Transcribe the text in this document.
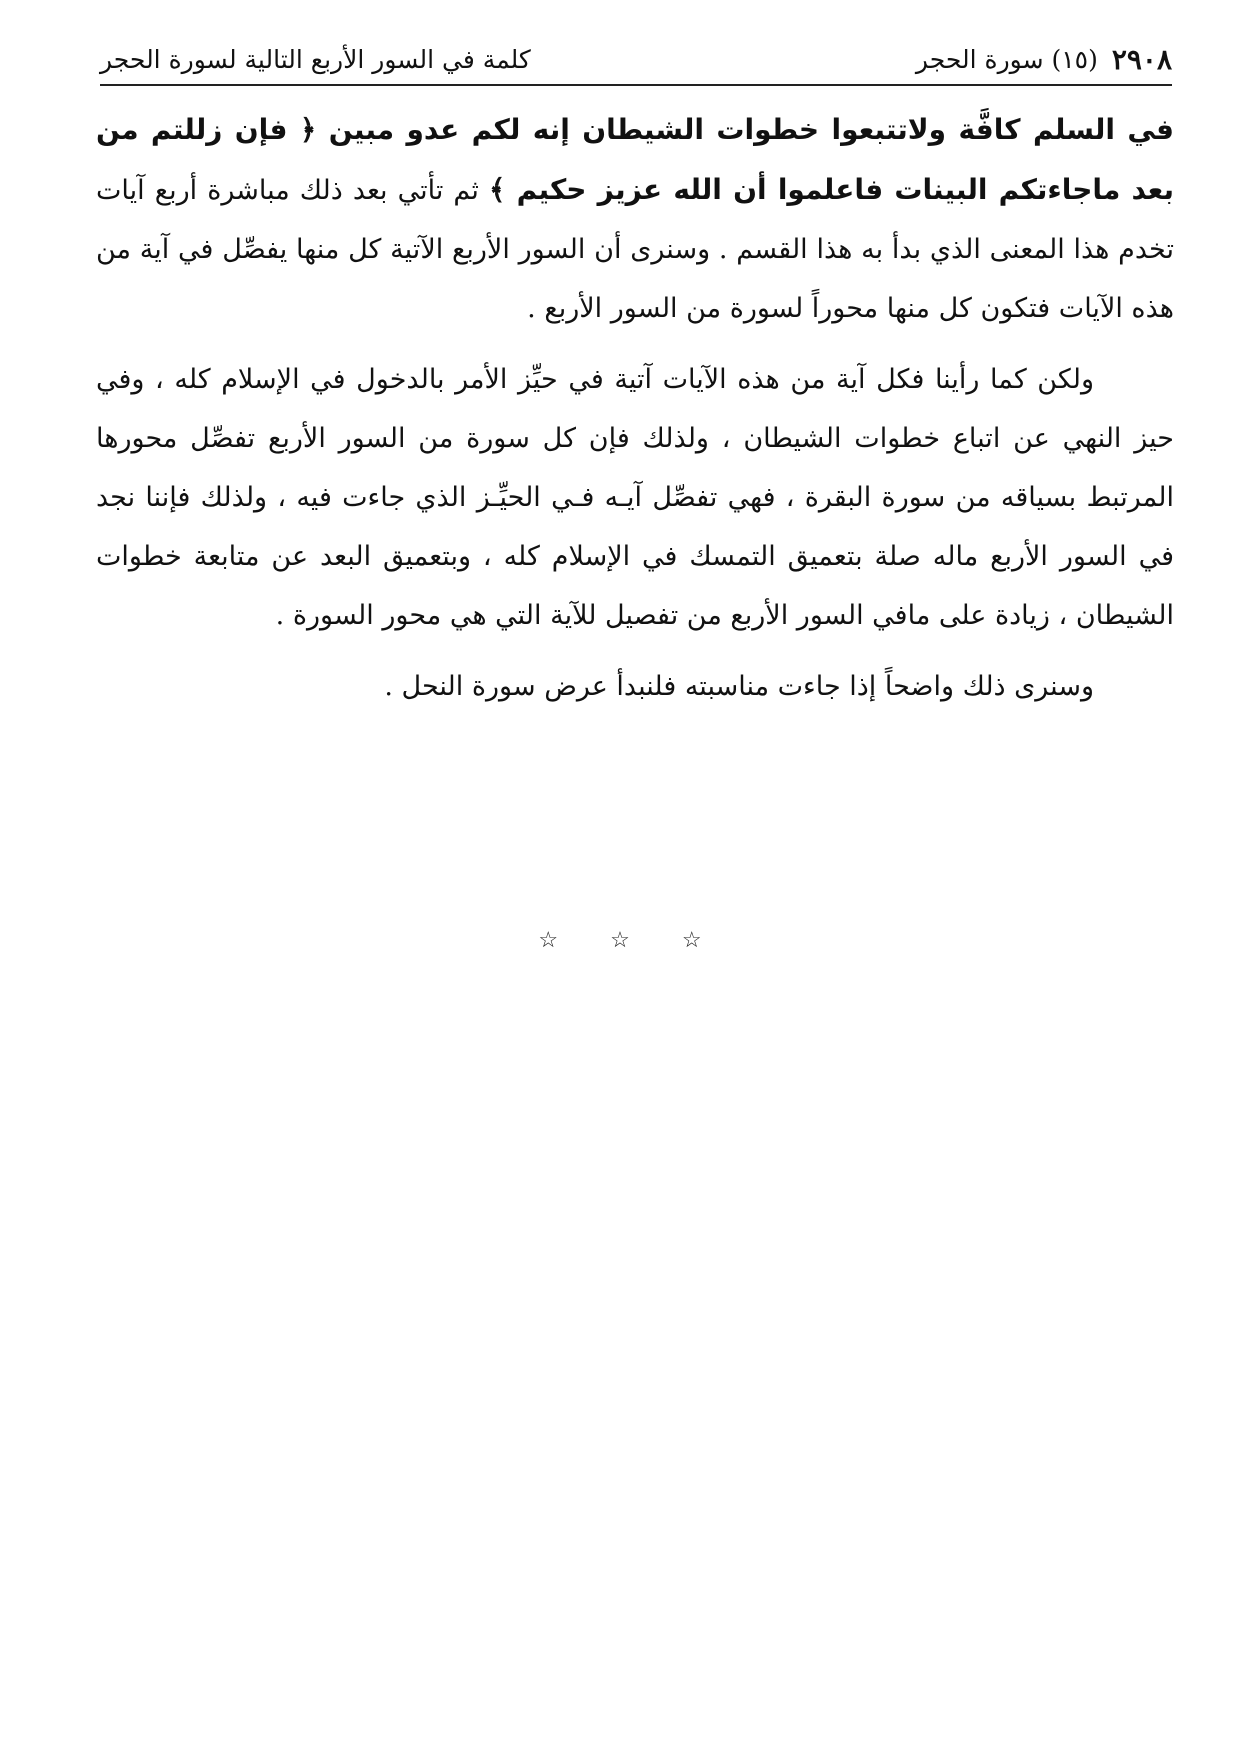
٢٩٠٨
(١٥) سورة الحجر
كلمة في السور الأربع التالية لسورة الحجر

في السلم كافَّة ولاتتبعوا خطوات الشيطان إنه لكم عدو مبين ﴿ فإن زللتم من بعد ماجاءتكم البينات فاعلموا أن الله عزيز حكيم ﴾ ثم تأتي بعد ذلك مباشرة أربع آيات تخدم هذا المعنى الذي بدأ به هذا القسم . وسنرى أن السور الأربع الآتية كل منها يفصِّل في آية من هذه الآيات فتكون كل منها محوراً لسورة من السور الأربع .

ولكن كما رأينا فكل آية من هذه الآيات آتية في حيِّز الأمر بالدخول في الإسلام كله ، وفي حيز النهي عن اتباع خطوات الشيطان ، ولذلك فإن كل سورة من السور الأربع تفصِّل محورها المرتبط بسياقه من سورة البقرة ، فهي تفصِّل آيـه فـي الحيِّـز الذي جاءت فيه ، ولذلك فإننا نجد في السور الأربع ماله صلة بتعميق التمسك في الإسلام كله ، وبتعميق البعد عن متابعة خطوات الشيطان ، زيادة على مافي السور الأربع من تفصيل للآية التي هي محور السورة .

وسنرى ذلك واضحاً إذا جاءت مناسبته فلنبدأ عرض سورة النحل .

☆ ☆ ☆
